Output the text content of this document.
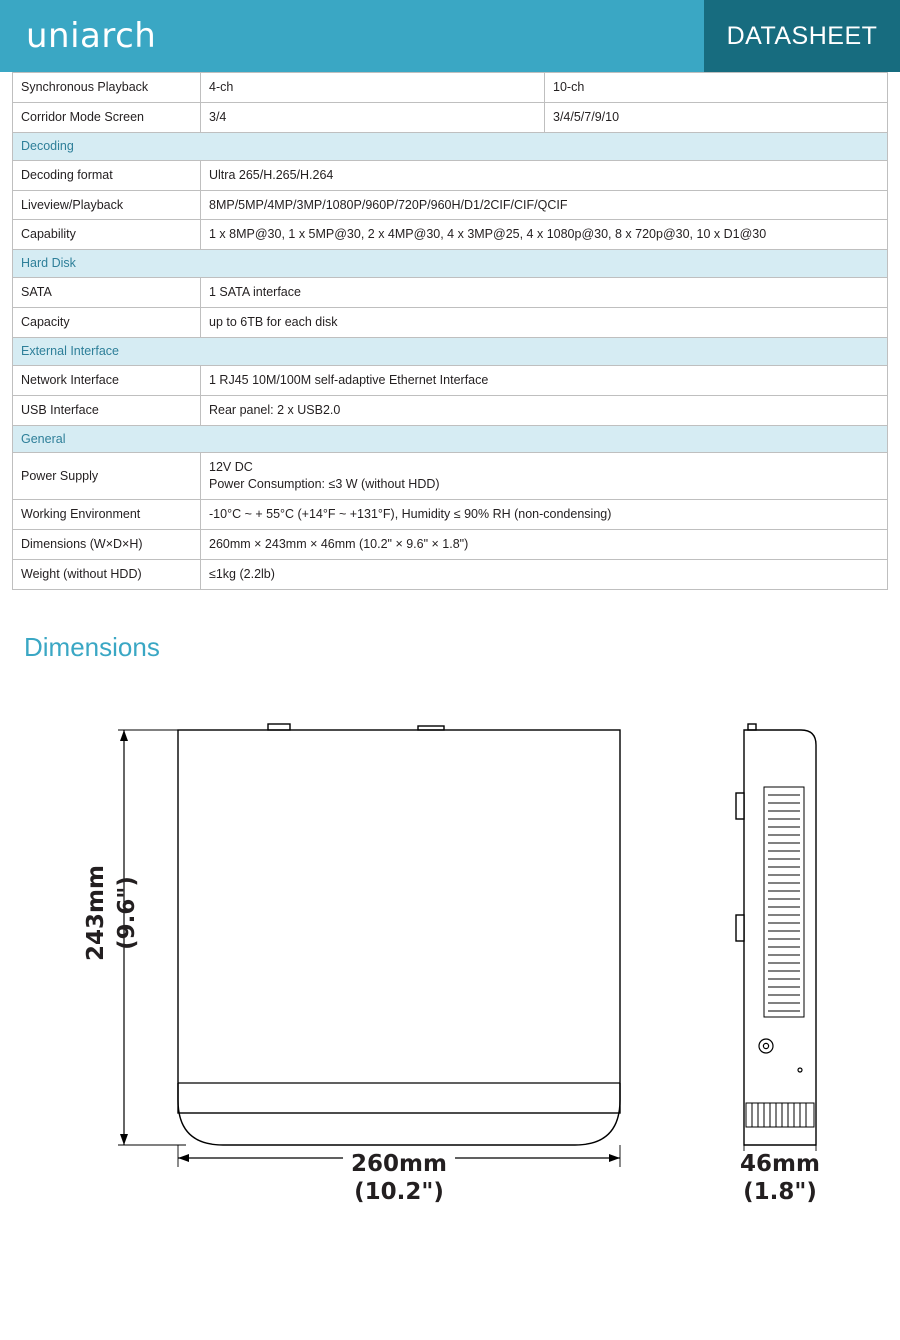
uniarch	DATASHEET
Synchronous Playback	4-ch	10-ch
Corridor Mode Screen	3/4	3/4/5/7/9/10
Decoding		
Decoding format	Ultra 265/H.265/H.264	
Liveview/Playback	8MP/5MP/4MP/3MP/1080P/960P/720P/960H/D1/2CIF/CIF/QCIF	
Capability	1 x 8MP@30, 1 x 5MP@30, 2 x 4MP@30, 4 x 3MP@25, 4 x 1080p@30, 8 x 720p@30, 10 x D1@30	
Hard Disk		
SATA	1 SATA interface	
Capacity	up to 6TB for each disk	
External Interface		
Network Interface	1 RJ45 10M/100M self-adaptive Ethernet Interface	
USB Interface	Rear panel: 2 x USB2.0	
General		
Power Supply	12V DC
Power Consumption: ≤3 W (without HDD)	

Working Environment	-10°C ~ + 55°C (+14°F ~ +131°F), Humidity ≤ 90% RH (non-condensing)	
Dimensions (W×D×H)	260mm × 243mm × 46mm (10.2" × 9.6" × 1.8")	
Weight (without HDD)	≤1kg (2.2lb)	
Dimensions
243mm (9.6")
260mm
(10.2")
46mm
(1.8")
